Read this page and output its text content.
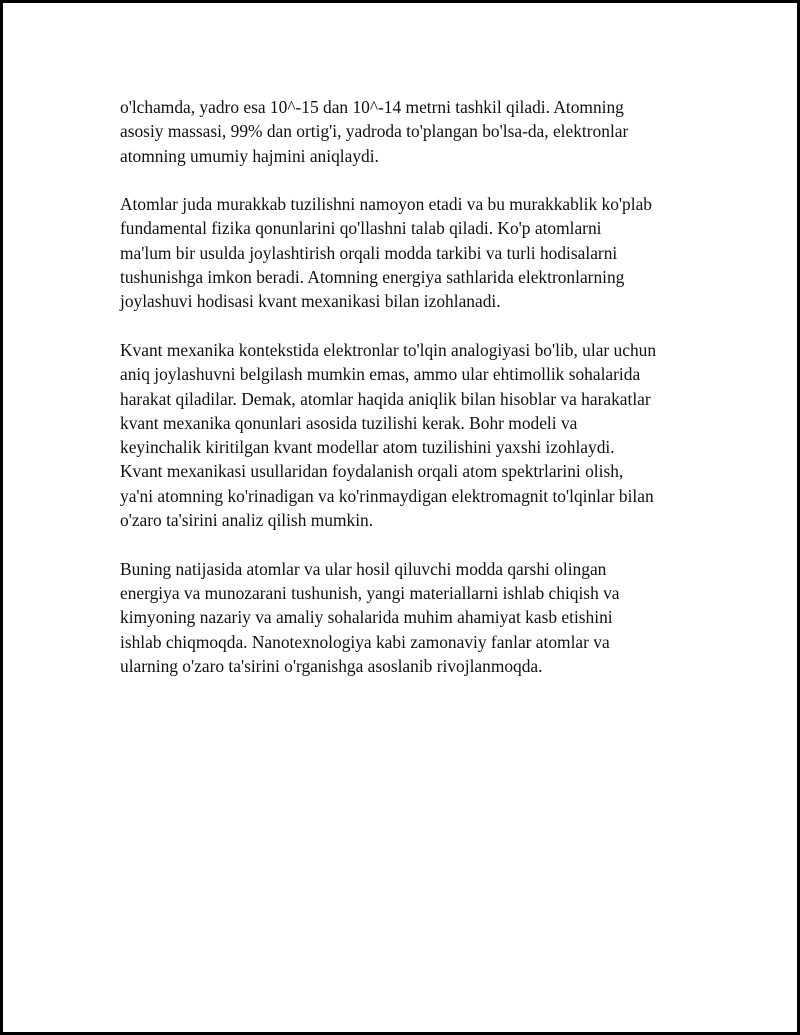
o'lchamda, yadro esa 10^-15 dan 10^-14 metrni tashkil qiladi. Atomning
asosiy massasi, 99% dan ortig'i, yadroda to'plangan bo'lsa-da, elektronlar
atomning umumiy hajmini aniqlaydi.

Atomlar juda murakkab tuzilishni namoyon etadi va bu murakkablik ko'plab
fundamental fizika qonunlarini qo'llashni talab qiladi. Ko'p atomlarni
ma'lum bir usulda joylashtirish orqali modda tarkibi va turli hodisalarni
tushunishga imkon beradi. Atomning energiya sathlarida elektronlarning
joylashuvi hodisasi kvant mexanikasi bilan izohlanadi.

Kvant mexanika kontekstida elektronlar to'lqin analogiyasi bo'lib, ular uchun
aniq joylashuvni belgilash mumkin emas, ammo ular ehtimollik sohalarida
harakat qiladilar. Demak, atomlar haqida aniqlik bilan hisoblar va harakatlar
kvant mexanika qonunlari asosida tuzilishi kerak. Bohr modeli va
keyinchalik kiritilgan kvant modellar atom tuzilishini yaxshi izohlaydi.
Kvant mexanikasi usullaridan foydalanish orqali atom spektrlarini olish,
ya'ni atomning ko'rinadigan va ko'rinmaydigan elektromagnit to'lqinlar bilan
o'zaro ta'sirini analiz qilish mumkin.

Buning natijasida atomlar va ular hosil qiluvchi modda qarshi olingan
energiya va munozarani tushunish, yangi materiallarni ishlab chiqish va
kimyoning nazariy va amaliy sohalarida muhim ahamiyat kasb etishini
ishlab chiqmoqda. Nanotexnologiya kabi zamonaviy fanlar atomlar va
ularning o'zaro ta'sirini o'rganishga asoslanib rivojlanmoqda.
